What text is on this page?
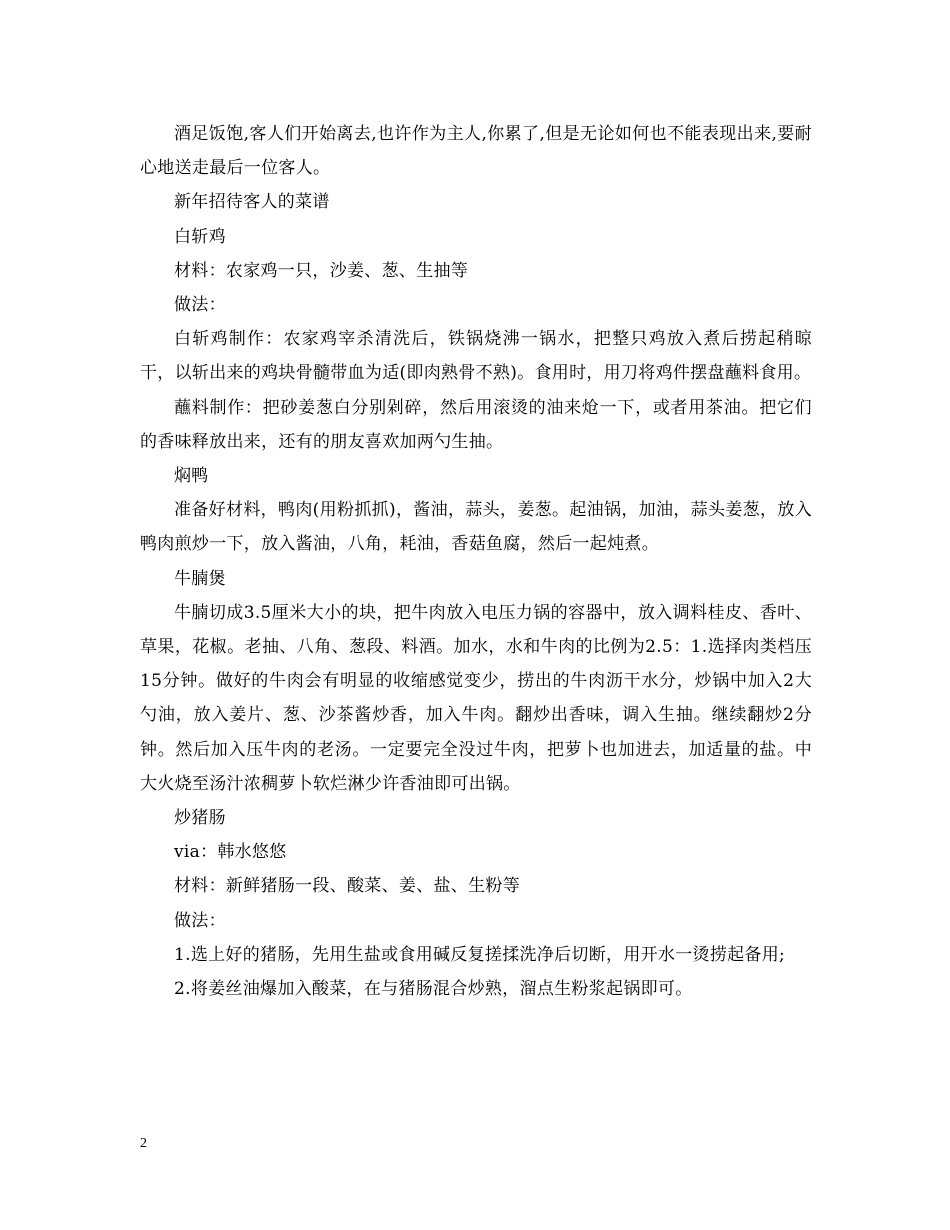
酒足饭饱,客人们开始离去,也许作为主人,你累了,但是无论如何也不能表现出来,要耐心地送走最后一位客人。

新年招待客人的菜谱

白斩鸡

材料：农家鸡一只，沙姜、葱、生抽等

做法：

白斩鸡制作：农家鸡宰杀清洗后，铁锅烧沸一锅水，把整只鸡放入煮后捞起稍晾干，以斩出来的鸡块骨髓带血为适(即肉熟骨不熟)。食用时，用刀将鸡件摆盘蘸料食用。

蘸料制作：把砂姜葱白分别剁碎，然后用滚烫的油来炝一下，或者用茶油。把它们的香味释放出来，还有的朋友喜欢加两勺生抽。

焖鸭

准备好材料，鸭肉(用粉抓抓)，酱油，蒜头，姜葱。起油锅，加油，蒜头姜葱，放入鸭肉煎炒一下，放入酱油，八角，耗油，香菇鱼腐，然后一起炖煮。

牛腩煲

牛腩切成3.5厘米大小的块，把牛肉放入电压力锅的容器中，放入调料桂皮、香叶、草果，花椒。老抽、八角、葱段、料酒。加水，水和牛肉的比例为2.5：1.选择肉类档压15分钟。做好的牛肉会有明显的收缩感觉变少，捞出的牛肉沥干水分，炒锅中加入2大勺油，放入姜片、葱、沙茶酱炒香，加入牛肉。翻炒出香味，调入生抽。继续翻炒2分钟。然后加入压牛肉的老汤。一定要完全没过牛肉，把萝卜也加进去，加适量的盐。中大火烧至汤汁浓稠萝卜软烂淋少许香油即可出锅。

炒猪肠

via：韩水悠悠

材料：新鲜猪肠一段、酸菜、姜、盐、生粉等

做法：

1.选上好的猪肠，先用生盐或食用碱反复搓揉洗净后切断，用开水一烫捞起备用;

2.将姜丝油爆加入酸菜，在与猪肠混合炒熟，溜点生粉浆起锅即可。

2
